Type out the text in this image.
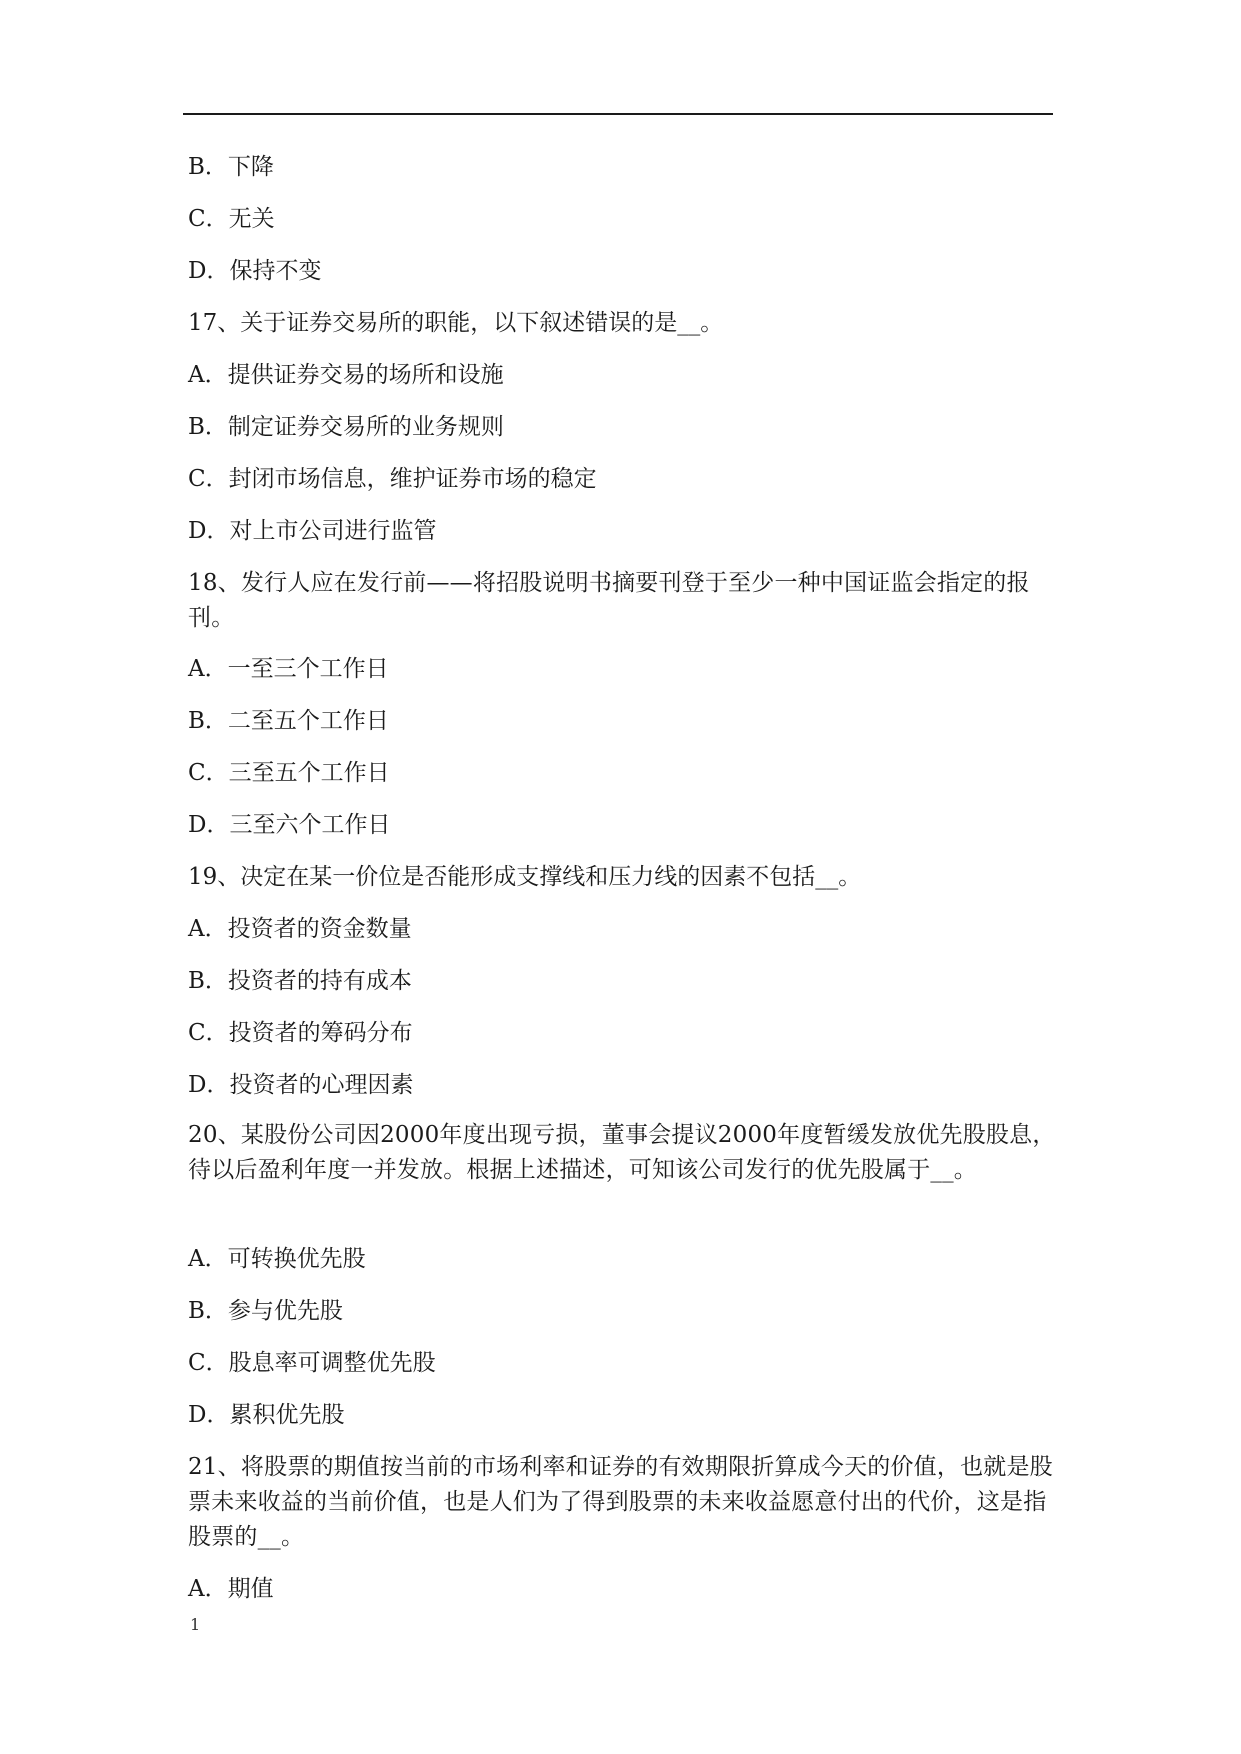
B．下降
C．无关
D．保持不变
17、关于证券交易所的职能，以下叙述错误的是__。
A．提供证券交易的场所和设施
B．制定证券交易所的业务规则
C．封闭市场信息，维护证券市场的稳定
D．对上市公司进行监管
18、发行人应在发行前——将招股说明书摘要刊登于至少一种中国证监会指定的报刊。
A．一至三个工作日
B．二至五个工作日
C．三至五个工作日
D．三至六个工作日
19、决定在某一价位是否能形成支撑线和压力线的因素不包括__。
A．投资者的资金数量
B．投资者的持有成本
C．投资者的筹码分布
D．投资者的心理因素
20、某股份公司因2000年度出现亏损，董事会提议2000年度暂缓发放优先股股息，待以后盈利年度一并发放。根据上述描述，可知该公司发行的优先股属于__。
A．可转换优先股
B．参与优先股
C．股息率可调整优先股
D．累积优先股
21、将股票的期值按当前的市场利率和证券的有效期限折算成今天的价值，也就是股票未来收益的当前价值，也是人们为了得到股票的未来收益愿意付出的代价，这是指股票的__。
A．期值
1
